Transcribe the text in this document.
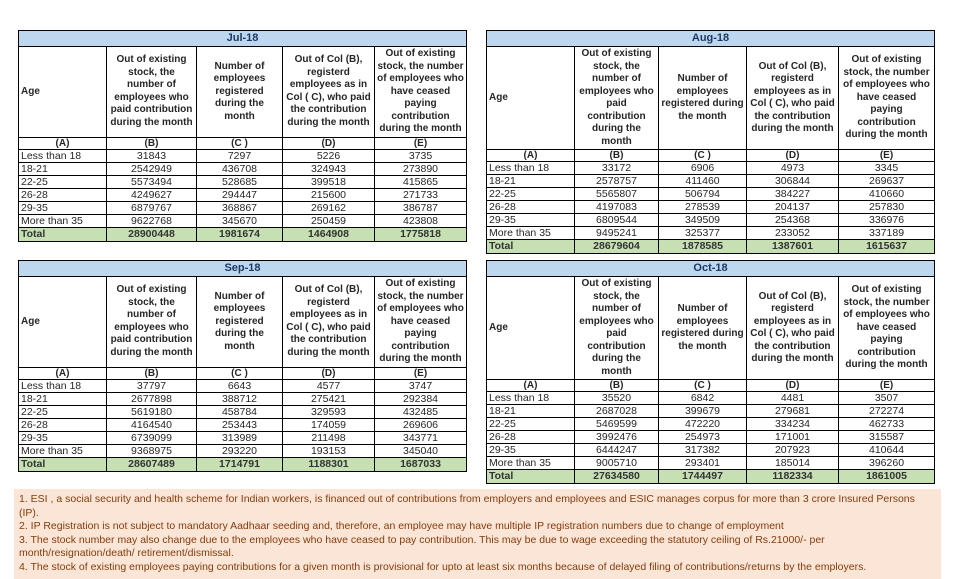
Jul-18				
Age	Out of existing stock, the number of employees who paid contribution during the month	Number of employees registered during the month	Out of Col (B), registerd employees as in Col ( C), who paid the contribution during the month	Out of existing stock, the number of employees who have ceased paying contribution during the month
(A)	(B)	(C )	(D)	(E)
Less than 18	31843	7297	5226	3735
18-21	2542949	436708	324943	273890
22-25	5573494	528685	399518	415865
26-28	4249627	294447	215600	271733
29-35	6879767	368867	269162	386787
More than 35	9622768	345670	250459	423808
Total	28900448	1981674	1464908	1775818
Aug-18				
Age	Out of existing stock, the number of employees who paid contribution during the month	Number of employees registered during the month	Out of Col (B), registerd employees as in Col ( C), who paid the contribution during the month	Out of existing stock, the number of employees who have ceased paying contribution during the month
(A)	(B)	(C )	(D)	(E)
Less than 18	33172	6906	4973	3345
18-21	2578757	411460	306844	269637
22-25	5565807	506794	384227	410660
26-28	4197083	278539	204137	257830
29-35	6809544	349509	254368	336976
More than 35	9495241	325377	233052	337189
Total	28679604	1878585	1387601	1615637
Sep-18				
Age	Out of existing stock, the number of employees who paid contribution during the month	Number of employees registered during the month	Out of Col (B), registerd employees as in Col ( C), who paid the contribution during the month	Out of existing stock, the number of employees who have ceased paying contribution during the month
(A)	(B)	(C )	(D)	(E)
Less than 18	37797	6643	4577	3747
18-21	2677898	388712	275421	292384
22-25	5619180	458784	329593	432485
26-28	4164540	253443	174059	269606
29-35	6739099	313989	211498	343771
More than 35	9368975	293220	193153	345040
Total	28607489	1714791	1188301	1687033
Oct-18				
Age	Out of existing stock, the number of employees who paid contribution during the month	Number of employees registered during the month	Out of Col (B), registerd employees as in Col ( C), who paid the contribution during the month	Out of existing stock, the number of employees who have ceased paying contribution during the month
(A)	(B)	(C )	(D)	(E)
Less than 18	35520	6842	4481	3507
18-21	2687028	399679	279681	272274
22-25	5469599	472220	334234	462733
26-28	3992476	254973	171001	315587
29-35	6444247	317382	207923	410644
More than 35	9005710	293401	185014	396260
Total	27634580	1744497	1182334	1861005
1. ESI , a social security and health scheme for Indian workers, is financed out of contributions from employers and employees and ESIC manages corpus for more than 3 crore Insured Persons (IP).
2. IP Registration is not subject to mandatory Aadhaar seeding and, therefore, an employee may have multiple IP registration numbers due to change of employment
3. The stock number may also change due to the employees who have ceased to pay contribution. This may be due to wage exceeding the statutory ceiling of Rs.21000/- per month/resignation/death/ retirement/dismissal.
4. The stock of existing employees paying contributions for a given month is provisional for upto at least six months because of delayed filing of contributions/returns by the employers.
